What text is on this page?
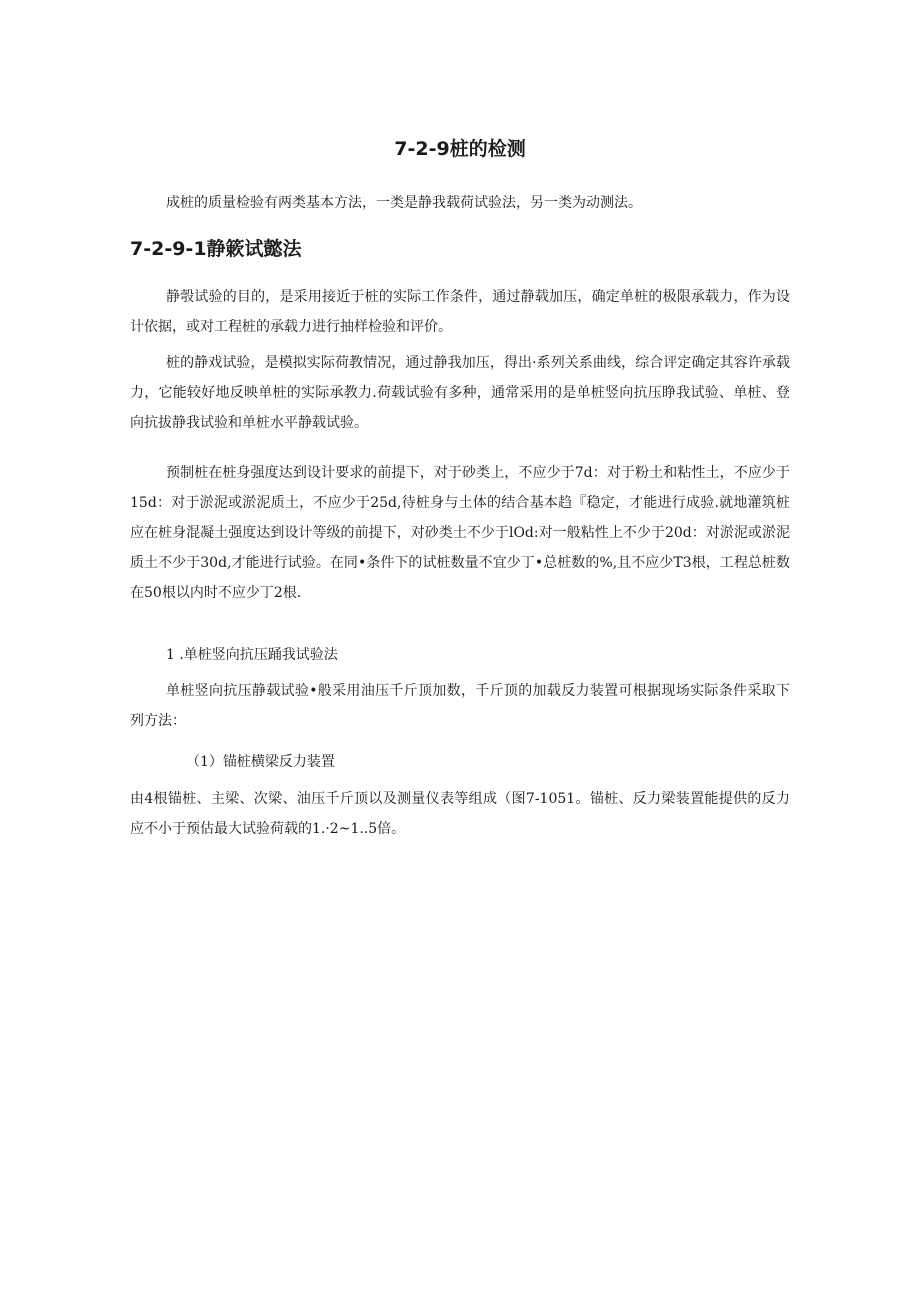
7-2-9桩的检测

成桩的质量检验有两类基本方法，一类是静我载荷试验法，另一类为动测法。

7-2-9-1静簌试懿法

静彀试验的目的，是采用接近于桩的实际工作条件，通过静载加压，确定单桩的极限承载力，作为设计依据，或对工程桩的承载力进行抽样检验和评价。

桩的静戏试验，是模拟实际荷教情况，通过静我加压，得出·系列关系曲线，综合评定确定其容许承载力，它能较好地反映单桩的实际承教力.荷载试验有多种，通常采用的是单桩竖向抗压睁我试验、单桩、登向抗拔静我试验和单桩水平静载试验。

预制桩在桩身强度达到设计要求的前提下，对于砂类上，不应少于7d：对于粉土和粘性土，不应少于15d：对于淤泥或淤泥质土，不应少于25d,待桩身与土体的结合基本趋『稳定，才能进行成验.就地灌筑桩应在桩身混凝土强度达到设计等级的前提下，对砂类土不少于lOd:对一般粘性上不少于20d：对淤泥或淤泥质土不少于30d,才能进行试验。在同•条件下的试桩数量不宜少丁•总桩数的%,且不应少T3根，工程总桩数在50根以内时不应少丁2根.

1 .单桩竖向抗压踊我试验法

单桩竖向抗压静载试验•般采用油压千斤顶加数，千斤顶的加载反力装置可根据现场实际条件采取下列方法：

（1）锚桩横梁反力装置

由4根锚桩、主梁、次梁、油压千斤顶以及测量仪表等组成（图7-1051。锚桩、反力梁装置能提供的反力应不小于预估最大试验荷载的1.·2~1..5倍。
